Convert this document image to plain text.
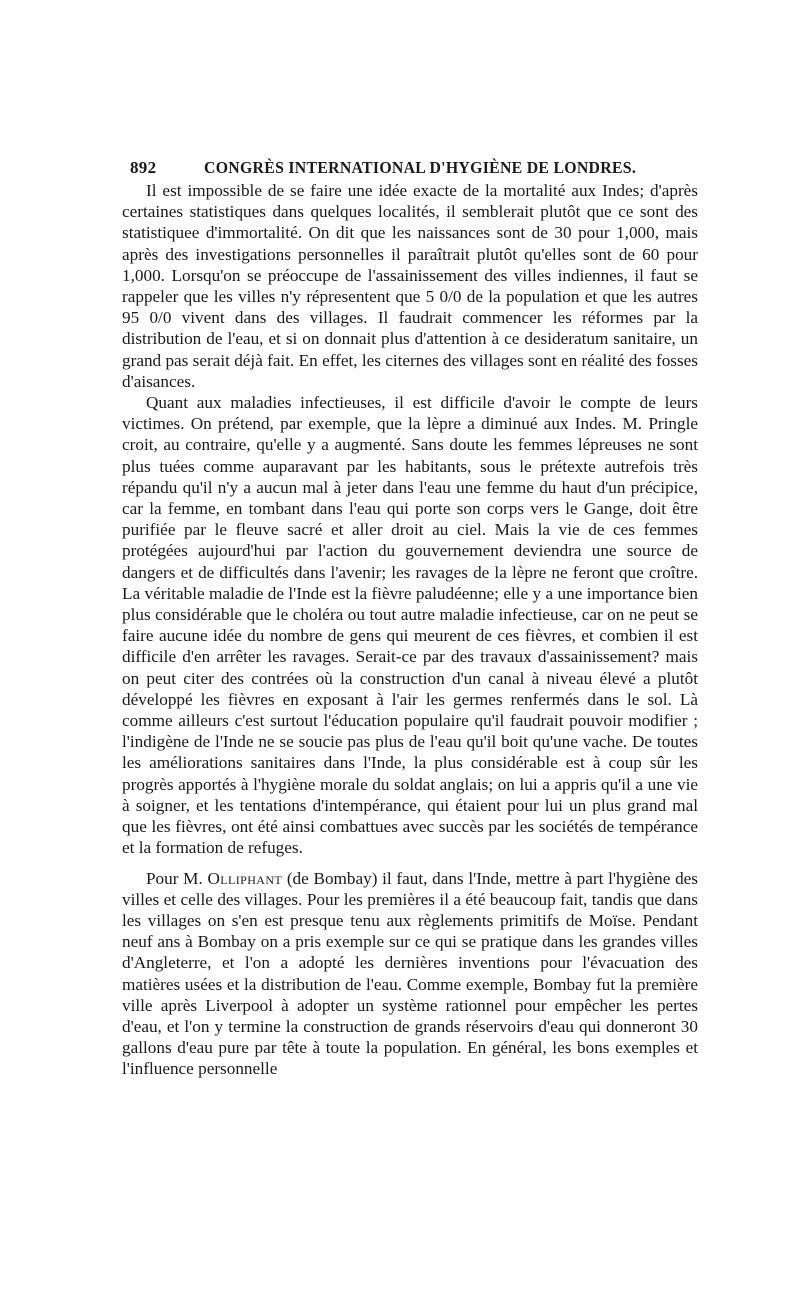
892	CONGRÈS INTERNATIONAL D'HYGIÈNE DE LONDRES.

Il est impossible de se faire une idée exacte de la mortalité aux Indes; d'après certaines statistiques dans quelques localités, il semblerait plutôt que ce sont des statistiquee d'immortalité. On dit que les naissances sont de 30 pour 1,000, mais après des investigations personnelles il paraîtrait plutôt qu'elles sont de 60 pour 1,000. Lorsqu'on se préoccupe de l'assainissement des villes indiennes, il faut se rappeler que les villes n'y répresentent que 5 0/0 de la population et que les autres 95 0/0 vivent dans des villages. Il faudrait commencer les réformes par la distribution de l'eau, et si on donnait plus d'attention à ce desideratum sanitaire, un grand pas serait déjà fait. En effet, les citernes des villages sont en réalité des fosses d'aisances.

Quant aux maladies infectieuses, il est difficile d'avoir le compte de leurs victimes. On prétend, par exemple, que la lèpre a diminué aux Indes. M. Pringle croit, au contraire, qu'elle y a augmenté. Sans doute les femmes lépreuses ne sont plus tuées comme auparavant par les habitants, sous le prétexte autrefois très répandu qu'il n'y a aucun mal à jeter dans l'eau une femme du haut d'un précipice, car la femme, en tombant dans l'eau qui porte son corps vers le Gange, doit être purifiée par le fleuve sacré et aller droit au ciel. Mais la vie de ces femmes protégées aujourd'hui par l'action du gouvernement deviendra une source de dangers et de difficultés dans l'avenir; les ravages de la lèpre ne feront que croître. La véritable maladie de l'Inde est la fièvre paludéenne; elle y a une importance bien plus considérable que le choléra ou tout autre maladie infectieuse, car on ne peut se faire aucune idée du nombre de gens qui meurent de ces fièvres, et combien il est difficile d'en arrêter les ravages. Serait-ce par des travaux d'assainissement? mais on peut citer des contrées où la construction d'un canal à niveau élevé a plutôt développé les fièvres en exposant à l'air les germes renfermés dans le sol. Là comme ailleurs c'est surtout l'éducation populaire qu'il faudrait pouvoir modifier ; l'indigène de l'Inde ne se soucie pas plus de l'eau qu'il boit qu'une vache. De toutes les améliorations sanitaires dans l'Inde, la plus considérable est à coup sûr les progrès apportés à l'hygiène morale du soldat anglais; on lui a appris qu'il a une vie à soigner, et les tentations d'intempérance, qui étaient pour lui un plus grand mal que les fièvres, ont été ainsi combattues avec succès par les sociétés de tempérance et la formation de refuges.

Pour M. Olliphant (de Bombay) il faut, dans l'Inde, mettre à part l'hygiène des villes et celle des villages. Pour les premières il a été beaucoup fait, tandis que dans les villages on s'en est presque tenu aux règlements primitifs de Moïse. Pendant neuf ans à Bombay on a pris exemple sur ce qui se pratique dans les grandes villes d'Angleterre, et l'on a adopté les dernières inventions pour l'évacuation des matières usées et la distribution de l'eau. Comme exemple, Bombay fut la première ville après Liverpool à adopter un système rationnel pour empêcher les pertes d'eau, et l'on y termine la construction de grands réservoirs d'eau qui donneront 30 gallons d'eau pure par tête à toute la population. En général, les bons exemples et l'influence personnelle
